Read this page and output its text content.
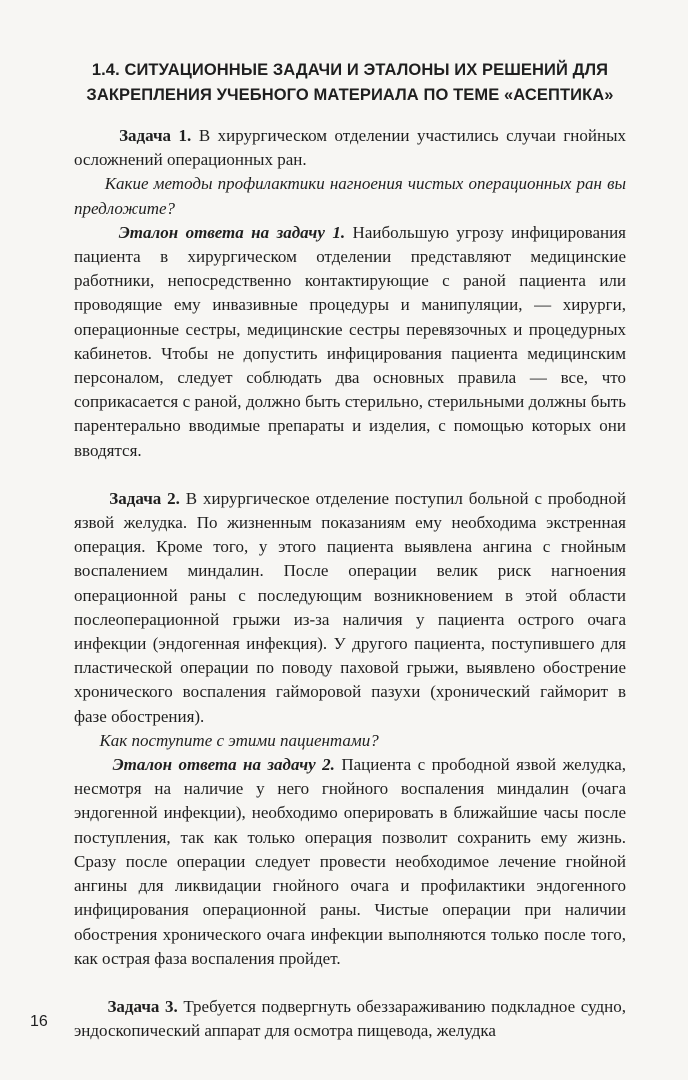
1.4. СИТУАЦИОННЫЕ ЗАДАЧИ И ЭТАЛОНЫ ИХ РЕШЕНИЙ ДЛЯ
ЗАКРЕПЛЕНИЯ УЧЕБНОГО МАТЕРИАЛА ПО ТЕМЕ «АСЕПТИКА»

Задача 1. В хирургическом отделении участились случаи гнойных осложнений операционных ран.

Какие методы профилактики нагноения чистых операционных ран вы предложите?

Эталон ответа на задачу 1. Наибольшую угрозу инфицирования пациента в хирургическом отделении представляют медицинские работники, непосредственно контактирующие с раной пациента или проводящие ему инвазивные процедуры и манипуляции, — хирурги, операционные сестры, медицинские сестры перевязочных и процедурных кабинетов. Чтобы не допустить инфицирования пациента медицинским персоналом, следует соблюдать два основных правила — все, что соприкасается с раной, должно быть стерильно, стерильными должны быть парентерально вводимые препараты и изделия, с помощью которых они вводятся.

Задача 2. В хирургическое отделение поступил больной с прободной язвой желудка. По жизненным показаниям ему необходима экстренная операция. Кроме того, у этого пациента выявлена ангина с гнойным воспалением миндалин. После операции велик риск нагноения операционной раны с последующим возникновением в этой области послеоперационной грыжи из-за наличия у пациента острого очага инфекции (эндогенная инфекция). У другого пациента, поступившего для пластической операции по поводу паховой грыжи, выявлено обострение хронического воспаления гайморовой пазухи (хронический гайморит в фазе обострения).

Как поступите с этими пациентами?

Эталон ответа на задачу 2. Пациента с прободной язвой желудка, несмотря на наличие у него гнойного воспаления миндалин (очага эндогенной инфекции), необходимо оперировать в ближайшие часы после поступления, так как только операция позволит сохранить ему жизнь. Сразу после операции следует провести необходимое лечение гнойной ангины для ликвидации гнойного очага и профилактики эндогенного инфицирования операционной раны. Чистые операции при наличии обострения хронического очага инфекции выполняются только после того, как острая фаза воспаления пройдет.

Задача 3. Требуется подвергнуть обеззараживанию подкладное судно, эндоскопический аппарат для осмотра пищевода, желудка

16
